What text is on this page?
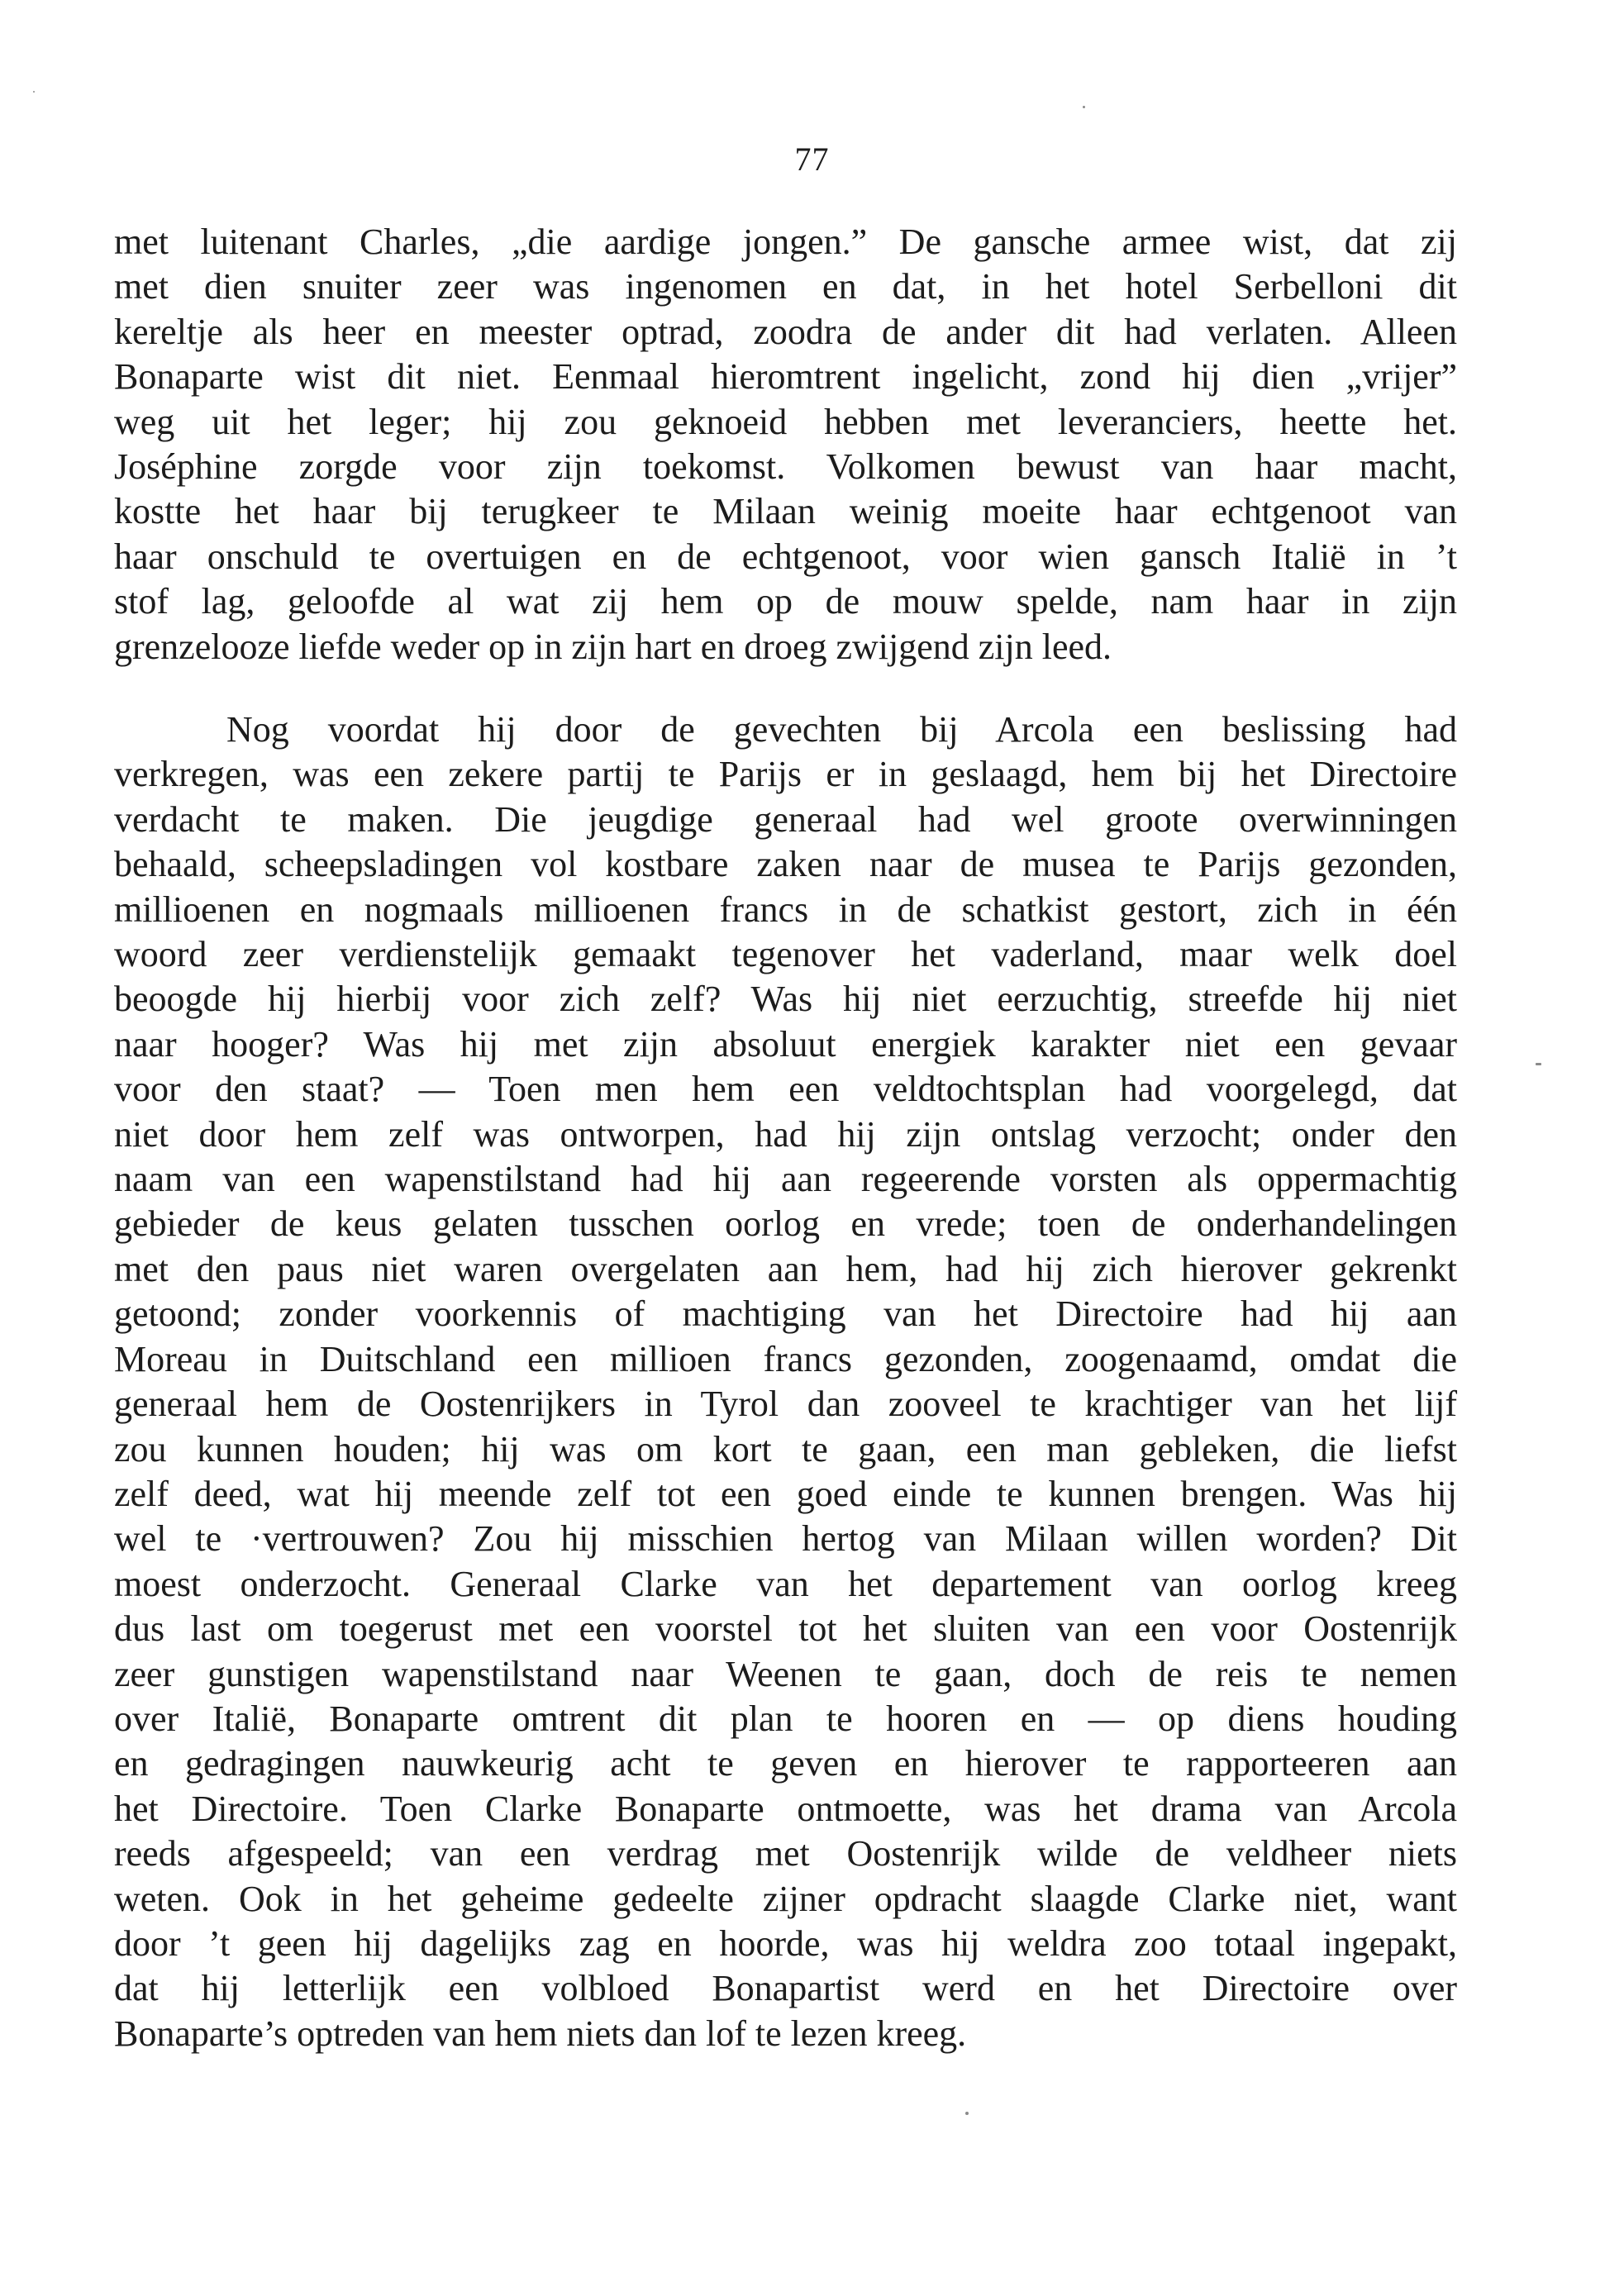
77
met luitenant Charles, „die aardige jongen.” De gansche armee wist, dat zij
met dien snuiter zeer was ingenomen en dat, in het hotel Serbelloni dit
kereltje als heer en meester optrad, zoodra de ander dit had verlaten. Alleen
Bonaparte wist dit niet. Eenmaal hieromtrent ingelicht, zond hij dien „vrijer”
weg uit het leger; hij zou geknoeid hebben met leveranciers, heette het.
Joséphine zorgde voor zijn toekomst. Volkomen bewust van haar macht,
kostte het haar bij terugkeer te Milaan weinig moeite haar echtgenoot van
haar onschuld te overtuigen en de echtgenoot, voor wien gansch Italië in ’t
stof lag, geloofde al wat zij hem op de mouw spelde, nam haar in zijn
grenzelooze liefde weder op in zijn hart en droeg zwijgend zijn leed.
Nog voordat hij door de gevechten bij Arcola een beslissing had
verkregen, was een zekere partij te Parijs er in geslaagd, hem bij het Directoire
verdacht te maken. Die jeugdige generaal had wel groote overwinningen
behaald, scheepsladingen vol kostbare zaken naar de musea te Parijs gezonden,
millioenen en nogmaals millioenen francs in de schatkist gestort, zich in één
woord zeer verdienstelijk gemaakt tegenover het vaderland, maar welk doel
beoogde hij hierbij voor zich zelf? Was hij niet eerzuchtig, streefde hij niet
naar hooger? Was hij met zijn absoluut energiek karakter niet een gevaar
voor den staat? — Toen men hem een veldtochtsplan had voorgelegd, dat
niet door hem zelf was ontworpen, had hij zijn ontslag verzocht; onder den
naam van een wapenstilstand had hij aan regeerende vorsten als oppermachtig
gebieder de keus gelaten tusschen oorlog en vrede; toen de onderhandelingen
met den paus niet waren overgelaten aan hem, had hij zich hierover gekrenkt
getoond; zonder voorkennis of machtiging van het Directoire had hij aan
Moreau in Duitschland een millioen francs gezonden, zoogenaamd, omdat die
generaal hem de Oostenrijkers in Tyrol dan zooveel te krachtiger van het lijf
zou kunnen houden; hij was om kort te gaan, een man gebleken, die liefst
zelf deed, wat hij meende zelf tot een goed einde te kunnen brengen. Was hij
wel te ·vertrouwen? Zou hij misschien hertog van Milaan willen worden? Dit
moest onderzocht. Generaal Clarke van het departement van oorlog kreeg
dus last om toegerust met een voorstel tot het sluiten van een voor Oostenrijk
zeer gunstigen wapenstilstand naar Weenen te gaan, doch de reis te nemen
over Italië, Bonaparte omtrent dit plan te hooren en — op diens houding
en gedragingen nauwkeurig acht te geven en hierover te rapporteeren aan
het Directoire. Toen Clarke Bonaparte ontmoette, was het drama van Arcola
reeds afgespeeld; van een verdrag met Oostenrijk wilde de veldheer niets
weten. Ook in het geheime gedeelte zijner opdracht slaagde Clarke niet, want
door ’t geen hij dagelijks zag en hoorde, was hij weldra zoo totaal ingepakt,
dat hij letterlijk een volbloed Bonapartist werd en het Directoire over
Bonaparte’s optreden van hem niets dan lof te lezen kreeg.
